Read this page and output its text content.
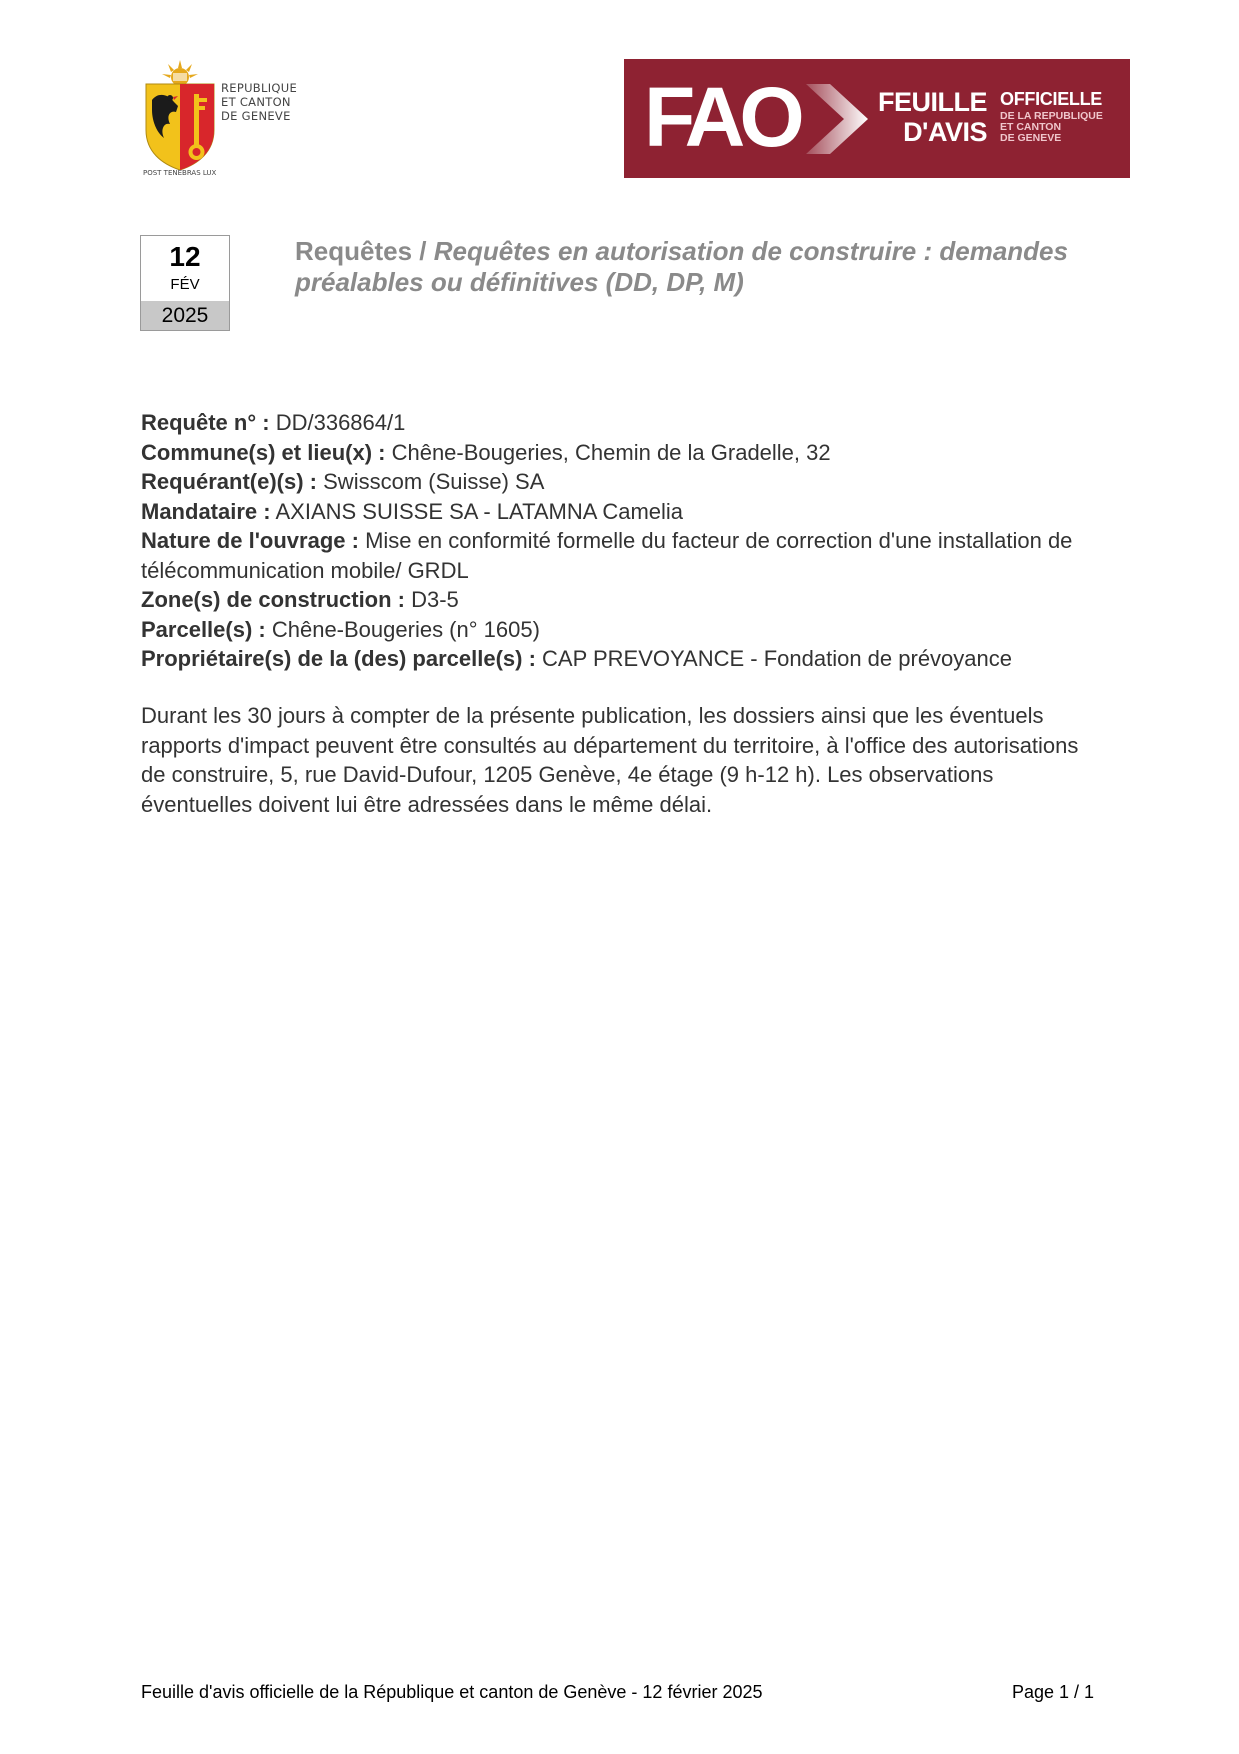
REPUBLIQUE
ET CANTON
DE GENEVE
POST TENEBRAS LUX
FAO	FEUILLE
D'AVIS
OFFICIELLE
DE LA REPUBLIQUE
ET CANTON
DE GENEVE
12
FÉV
2025
Requêtes / Requêtes en autorisation de construire : demandes préalables ou définitives (DD, DP, M)

Requête n° : DD/336864/1

Commune(s) et lieu(x) : Chêne-Bougeries, Chemin de la Gradelle, 32

Requérant(e)(s) : Swisscom (Suisse) SA

Mandataire : AXIANS SUISSE SA - LATAMNA Camelia

Nature de l'ouvrage : Mise en conformité formelle du facteur de correction d'une installation de télécommunication mobile/ GRDL

Zone(s) de construction : D3-5

Parcelle(s) : Chêne-Bougeries (n° 1605)

Propriétaire(s) de la (des) parcelle(s) : CAP PREVOYANCE - Fondation de prévoyance

Durant les 30 jours à compter de la présente publication, les dossiers ainsi que les éventuels rapports d'impact peuvent être consultés au département du territoire, à l'office des autorisations de construire, 5, rue David-Dufour, 1205 Genève, 4e étage (9 h-12 h). Les observations éventuelles doivent lui être adressées dans le même délai.
Feuille d'avis officielle de la République et canton de Genève - 12 février 2025	Page 1 / 1
